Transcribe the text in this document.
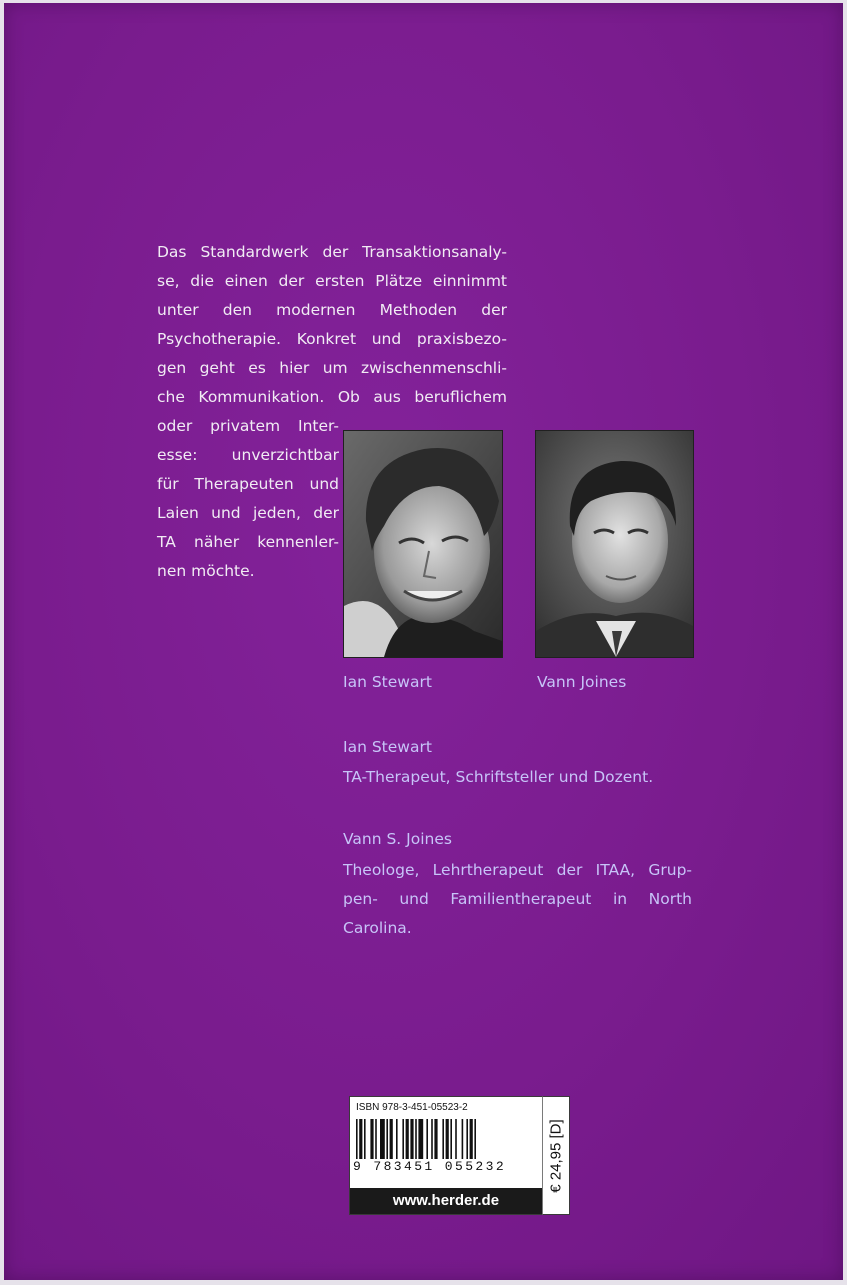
Das Standardwerk der Transaktionsanaly-
se, die einen der ersten Plätze einnimmt
unter den modernen Methoden der
Psychotherapie. Konkret und praxisbezo-
gen geht es hier um zwischenmenschli-
che Kommunikation. Ob aus beruflichem
oder privatem Inter-
esse: unverzichtbar
für Therapeuten und
Laien und jeden, der
TA näher kennenler-
nen möchte.
Ian Stewart	Vann Joines
Ian Stewart
TA-Therapeut, Schriftsteller und Dozent.
Vann S. Joines
Theologe, Lehrtherapeut der ITAA, Grup-
pen- und Familientherapeut in North
Carolina.
ISBN 978-3-451-05523-2
9 783451 055232
www.herder.de
€ 24,95 [D]
